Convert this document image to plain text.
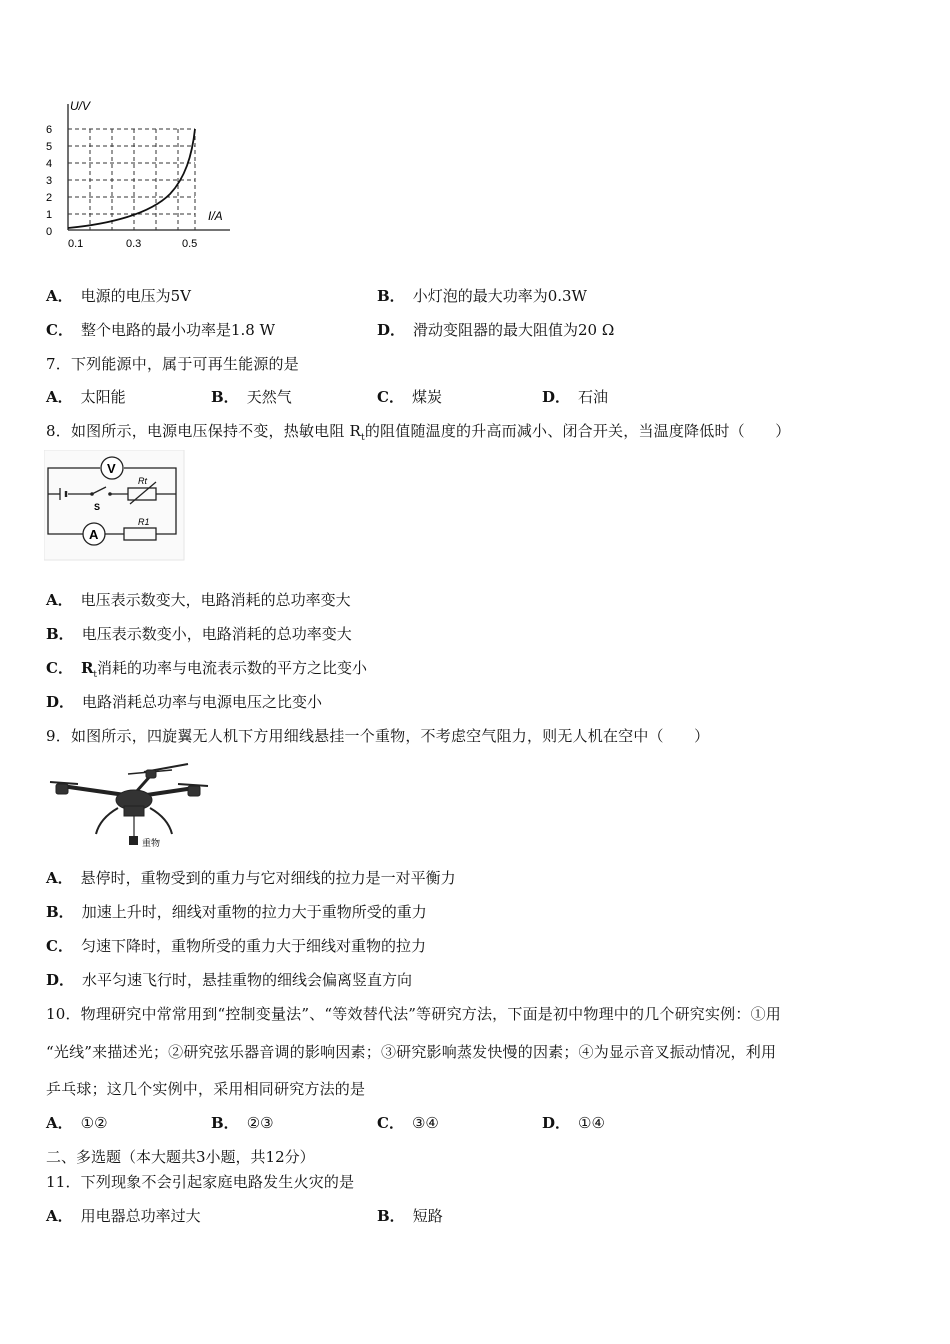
U/V
I/A
0
1
2
3
4
5
6
0.1	0.3	0.5
A． 电源的电压为5V	B． 小灯泡的最大功率为0.3W
C． 整个电路的最小功率是1.8 W	D． 滑动变阻器的最大阻值为20 Ω
7．下列能源中，属于可再生能源的是
A． 太阳能	B． 天然气	C． 煤炭	D． 石油
8．如图所示，电源电压保持不变，热敏电阻 $R_t$的阻值随温度的升高而减小、闭合开关，当温度降低时（　　）
V
A
S
Rt
R1
A． 电压表示数变大，电路消耗的总功率变大
B． 电压表示数变小，电路消耗的总功率变大
C． $R_t$消耗的功率与电流表示数的平方之比变小
D． 电路消耗总功率与电源电压之比变小
9．如图所示，四旋翼无人机下方用细线悬挂一个重物，不考虑空气阻力，则无人机在空中（　　）
重物
A． 悬停时，重物受到的重力与它对细线的拉力是一对平衡力
B． 加速上升时，细线对重物的拉力大于重物所受的重力
C． 匀速下降时，重物所受的重力大于细线对重物的拉力
D． 水平匀速飞行时，悬挂重物的细线会偏离竖直方向
10．物理研究中常常用到“控制变量法”、“等效替代法”等研究方法，下面是初中物理中的几个研究实例：①用
“光线”来描述光；②研究弦乐器音调的影响因素；③研究影响蒸发快慢的因素；④为显示音叉振动情况，利用
乒乓球；这几个实例中，采用相同研究方法的是
A． ①②	B． ②③	C． ③④	D． ①④
二、多选题（本大题共3小题，共12分）
11．下列现象不会引起家庭电路发生火灾的是
A． 用电器总功率过大	B． 短路
